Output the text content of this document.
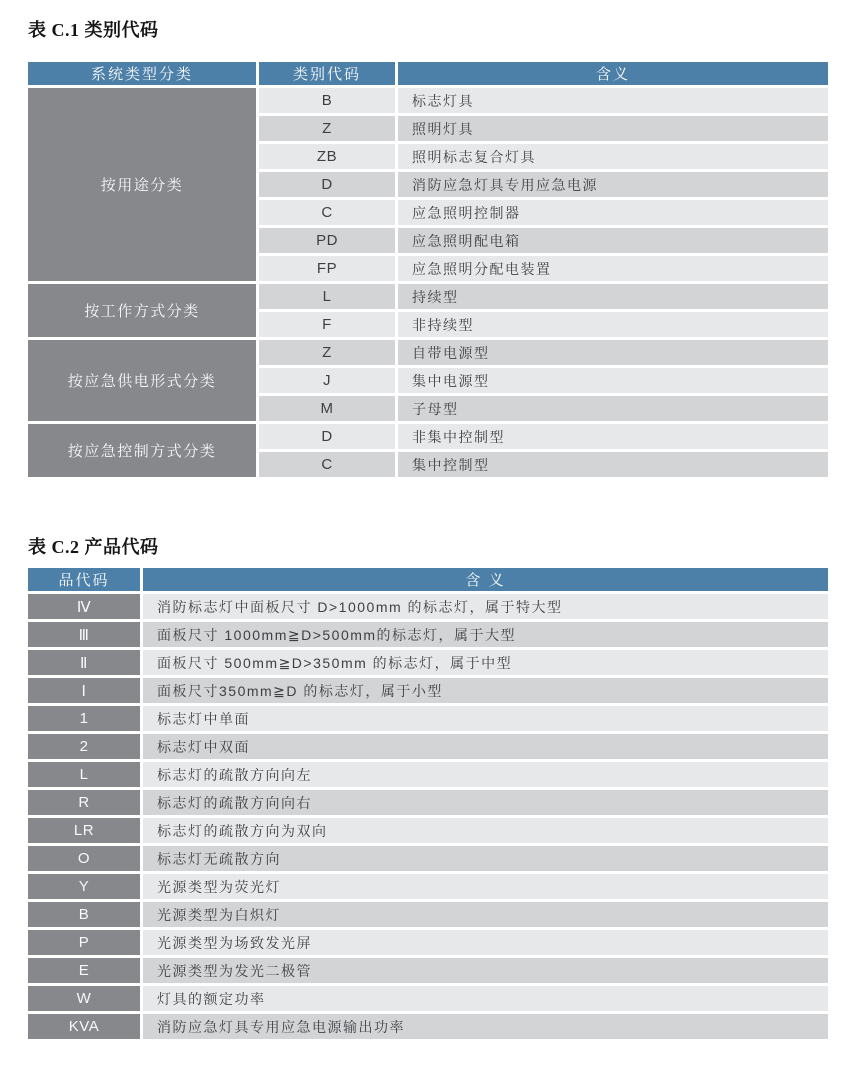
表 C.1 类别代码
系统类型分类	类别代码	含义
按用途分类	B	标志灯具
	Z	照明灯具
	ZB	照明标志复合灯具
	D	消防应急灯具专用应急电源
	C	应急照明控制器
	PD	应急照明配电箱
	FP	应急照明分配电装置
按工作方式分类	L	持续型
	F	非持续型
按应急供电形式分类	Z	自带电源型
	J	集中电源型
	M	子母型
按应急控制方式分类	D	非集中控制型
	C	集中控制型
表 C.2 产品代码
品代码	含 义
Ⅳ	消防标志灯中面板尺寸 D>1000mm 的标志灯，属于特大型
Ⅲ	面板尺寸 1000mm≧D>500mm的标志灯，属于大型
Ⅱ	面板尺寸 500mm≧D>350mm 的标志灯，属于中型
Ⅰ	面板尺寸350mm≧D 的标志灯，属于小型
1	标志灯中单面
2	标志灯中双面
L	标志灯的疏散方向向左
R	标志灯的疏散方向向右
LR	标志灯的疏散方向为双向
O	标志灯无疏散方向
Y	光源类型为荧光灯
B	光源类型为白炽灯
P	光源类型为场致发光屏
E	光源类型为发光二极管
W	灯具的额定功率
KVA	消防应急灯具专用应急电源输出功率
